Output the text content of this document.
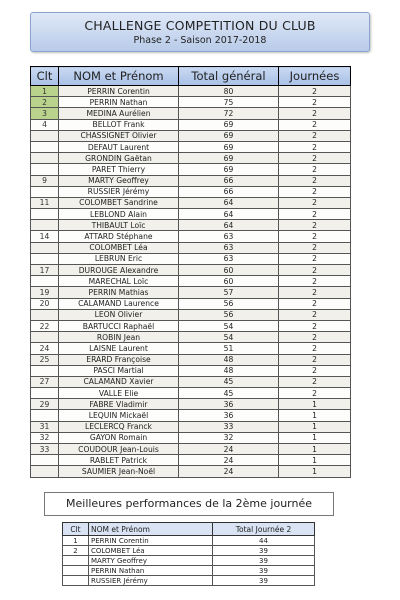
CHALLENGE COMPETITION DU CLUB
Phase 2 - Saison 2017-2018
Clt	NOM et Prénom	Total général	Journées
1	PERRIN Corentin	80	2
2	PERRIN Nathan	75	2
3	MEDINA Aurélien	72	2
4	BELLOT Frank	69	2
	CHASSIGNET Olivier	69	2
	DEFAUT Laurent	69	2
	GRONDIN Gaëtan	69	2
	PARET Thierry	69	2
9	MARTY Geoffrey	66	2
	RUSSIER Jérémy	66	2
11	COLOMBET Sandrine	64	2
	LEBLOND Alain	64	2
	THIBAULT Loïc	64	2
14	ATTARD Stéphane	63	2
	COLOMBET Léa	63	2
	LEBRUN Eric	63	2
17	DUROUGE Alexandre	60	2
	MARECHAL Loïc	60	2
19	PERRIN Mathias	57	2
20	CALAMAND Laurence	56	2
	LEON Olivier	56	2
22	BARTUCCI Raphaël	54	2
	ROBIN Jean	54	2
24	LAISNE Laurent	51	2
25	ERARD Françoise	48	2
	PASCI Martial	48	2
27	CALAMAND Xavier	45	2
	VALLE Elie	45	2
29	FABRE Vladimir	36	1
	LEQUIN Mickaël	36	1
31	LECLERCQ Franck	33	1
32	GAYON Romain	32	1
33	COUDOUR Jean-Louis	24	1
	RABLET Patrick	24	1
	SAUMIER Jean-Noël	24	1
Meilleures performances de la 2ème journée
Clt	NOM et Prénom	Total Journée 2
1	PERRIN Corentin	44
2	COLOMBET Léa	39
	MARTY Geoffrey	39
	PERRIN Nathan	39
	RUSSIER Jérémy	39
